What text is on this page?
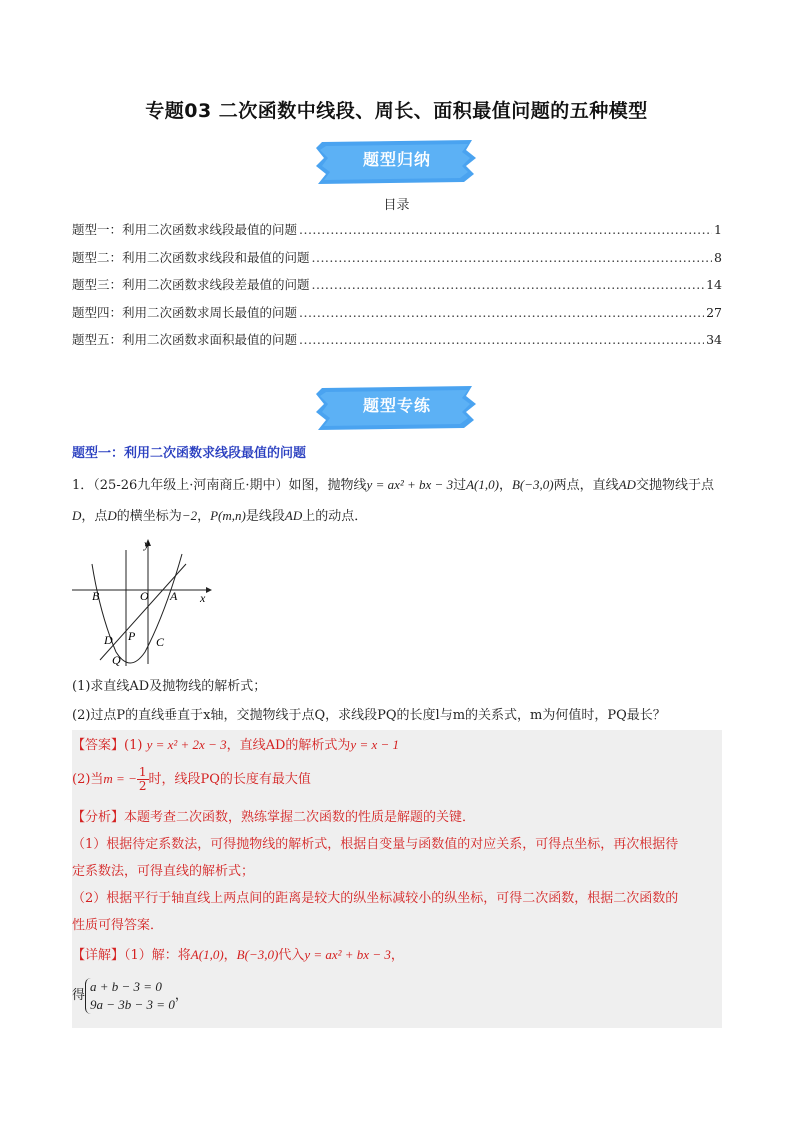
专题03 二次函数中线段、周长、面积最值问题的五种模型
题型归纳
目录
题型一：利用二次函数求线段最值的问题 .....	1
题型二：利用二次函数求线段和最值的问题 .....	8
题型三：利用二次函数求线段差最值的问题 .....	14
题型四：利用二次函数求周长最值的问题 .....	27
题型五：利用二次函数求面积最值的问题 .....	34
题型专练
题型一：利用二次函数求线段最值的问题
1．（25-26九年级上·河南商丘·期中）如图，抛物线y = ax² + bx − 3过A(1,0)，B(−3,0)两点，直线AD交抛物线于点D，点D的横坐标为−2，P(m,n)是线段AD上的动点．
y
x
B	O A
D P C
Q
(1)求直线AD及抛物线的解析式；
(2)过点P的直线垂直于x轴，交抛物线于点Q，求线段PQ的长度l与m的关系式，m为何值时，PQ最长？
【答案】(1) y = x² + 2x − 3，直线AD的解析式为y = x − 1
(2)当m = − $\frac{1}{2}$ 时，线段PQ的长度有最大值
【分析】本题考查二次函数，熟练掌握二次函数的性质是解题的关键．
（1）根据待定系数法，可得抛物线的解析式，根据自变量与函数值的对应关系，可得点坐标，再次根据待
定系数法，可得直线的解析式；
（2）根据平行于轴直线上两点间的距离是较大的纵坐标减较小的纵坐标，可得二次函数，根据二次函数的
性质可得答案．
【详解】（1）解：将A(1,0)，B(−3,0)代入y = ax² + bx − 3，
得
a + b − 3 = 0
9a − 3b − 3 = 0
，
